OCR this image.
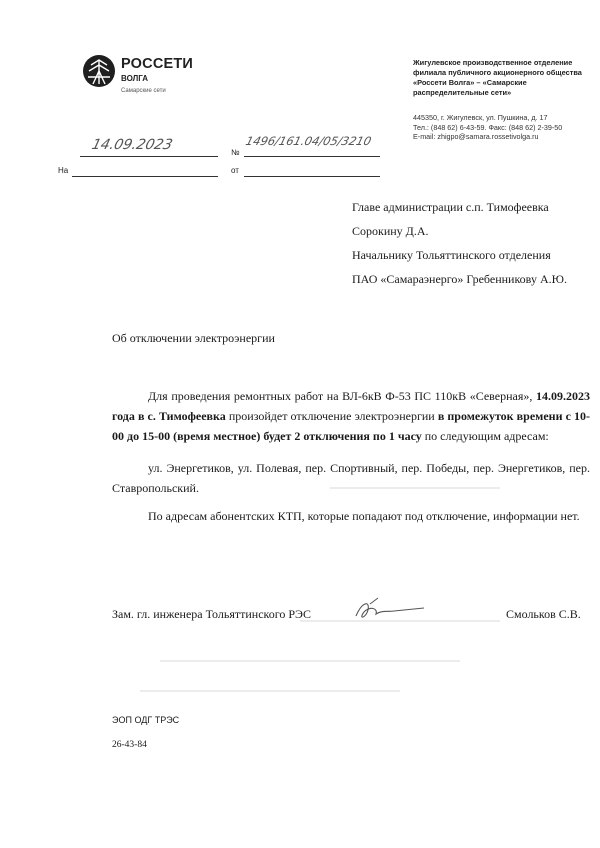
РОССЕТИ
ВОЛГА
Самарские сети
Жигулевское производственное отделение
филиала публичного акционерного общества
«Россети Волга» – «Самарские
распределительные сети»
445350, г. Жигулевск, ул. Пушкина, д. 17
Тел.: (848 62) 6-43-59. Факс: (848 62) 2-39-50
E-mail: zhigpo@samara.rossetivolga.ru
14.09.2023	№
1496/161.04/05/3210
На	от
Главе администрации с.п. Тимофеевка
Сорокину Д.А.
Начальнику Тольяттинского отделения
ПАО «Самараэнерго» Гребенникову А.Ю.
Об отключении электроэнергии
Для проведения ремонтных работ на ВЛ-6кВ Ф-53 ПС 110кВ «Северная», 14.09.2023 года в с. Тимофеевка произойдет отключение электроэнергии в промежуток времени с 10-00 до 15-00 (время местное) будет 2 отключения по 1 часу по следующим адресам:
ул. Энергетиков, ул. Полевая, пер. Спортивный, пер. Победы, пер. Энергетиков, пер. Ставропольский.
По адресам абонентских КТП, которые попадают под отключение, информации нет.
Зам. гл. инженера Тольяттинского РЭС	Смольков С.В.
ЭОП ОДГ ТРЭС
26-43-84
